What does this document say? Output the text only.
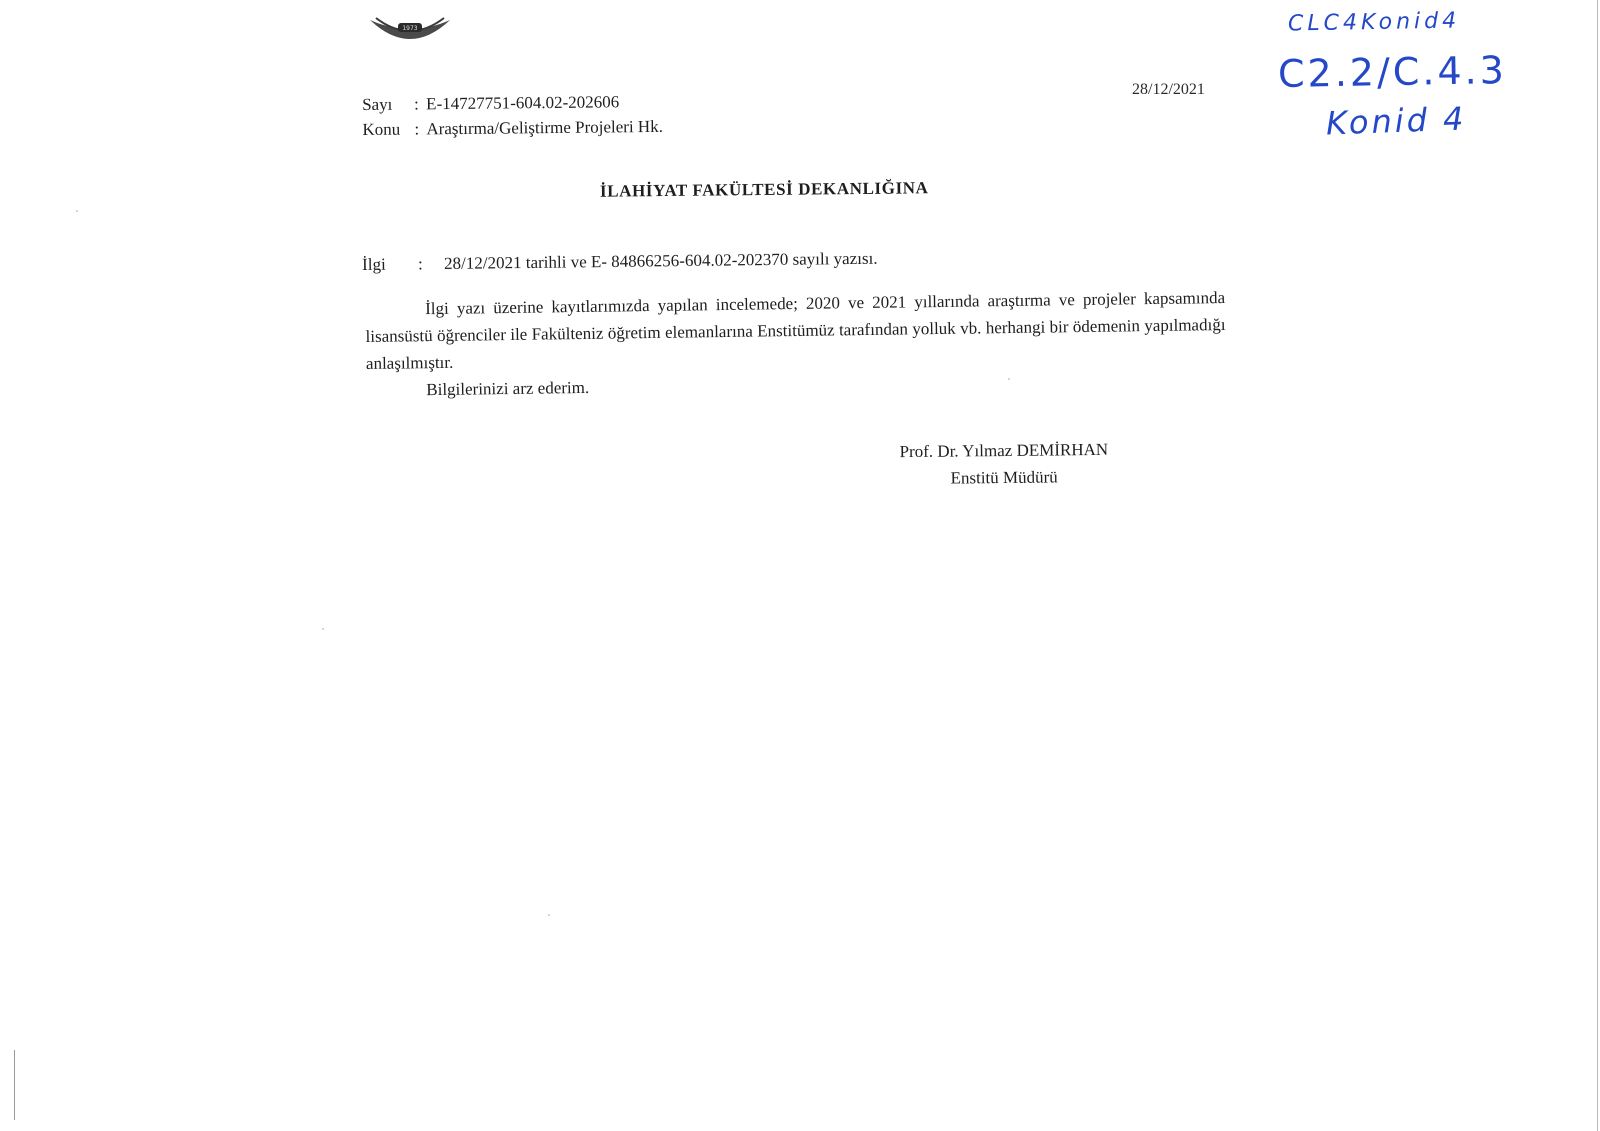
1973
Sayı	: E-14727751-604.02-202606
Konu : Araştırma/Geliştirme Projeleri Hk.
28/12/2021
CLC4Konid4
C2.2/C.4.3
Konid 4
İLAHİYAT FAKÜLTESİ DEKANLIĞINA
İlgi	:	28/12/2021 tarihli ve E- 84866256-604.02-202370 sayılı yazısı.

İlgi yazı üzerine kayıtlarımızda yapılan incelemede; 2020 ve 2021 yıllarında araştırma ve projeler kapsamında lisansüstü öğrenciler ile Fakülteniz öğretim elemanlarına Enstitümüz tarafından yolluk vb. herhangi bir ödemenin yapılmadığı anlaşılmıştır.

Bilgilerinizi arz ederim.

Prof. Dr. Yılmaz DEMİRHAN
Enstitü Müdürü
